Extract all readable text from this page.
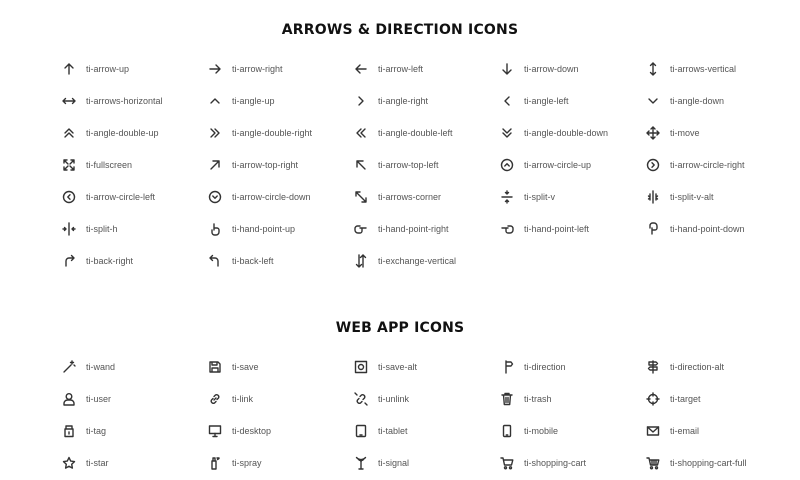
ARROWS & DIRECTION ICONS
WEB APP ICONS
ti-arrow-up	ti-arrow-right	ti-arrow-left	ti-arrow-down	ti-arrows-vertical
ti-arrows-horizontal	ti-angle-up	ti-angle-right	ti-angle-left	ti-angle-down
ti-angle-double-up	ti-angle-double-right	ti-angle-double-left	ti-angle-double-down	ti-move
ti-fullscreen	ti-arrow-top-right	ti-arrow-top-left	ti-arrow-circle-up	ti-arrow-circle-right
ti-arrow-circle-left	ti-arrow-circle-down	ti-arrows-corner	ti-split-v	ti-split-v-alt
ti-split-h	ti-hand-point-up	ti-hand-point-right	ti-hand-point-left	ti-hand-point-down
ti-back-right	ti-back-left	ti-exchange-vertical
ti-wand	ti-save	ti-save-alt	ti-direction	ti-direction-alt
ti-user	ti-link	ti-unlink	ti-trash	ti-target
ti-tag	ti-desktop	ti-tablet	ti-mobile	ti-email
ti-star	ti-spray	ti-signal	ti-shopping-cart	ti-shopping-cart-full
